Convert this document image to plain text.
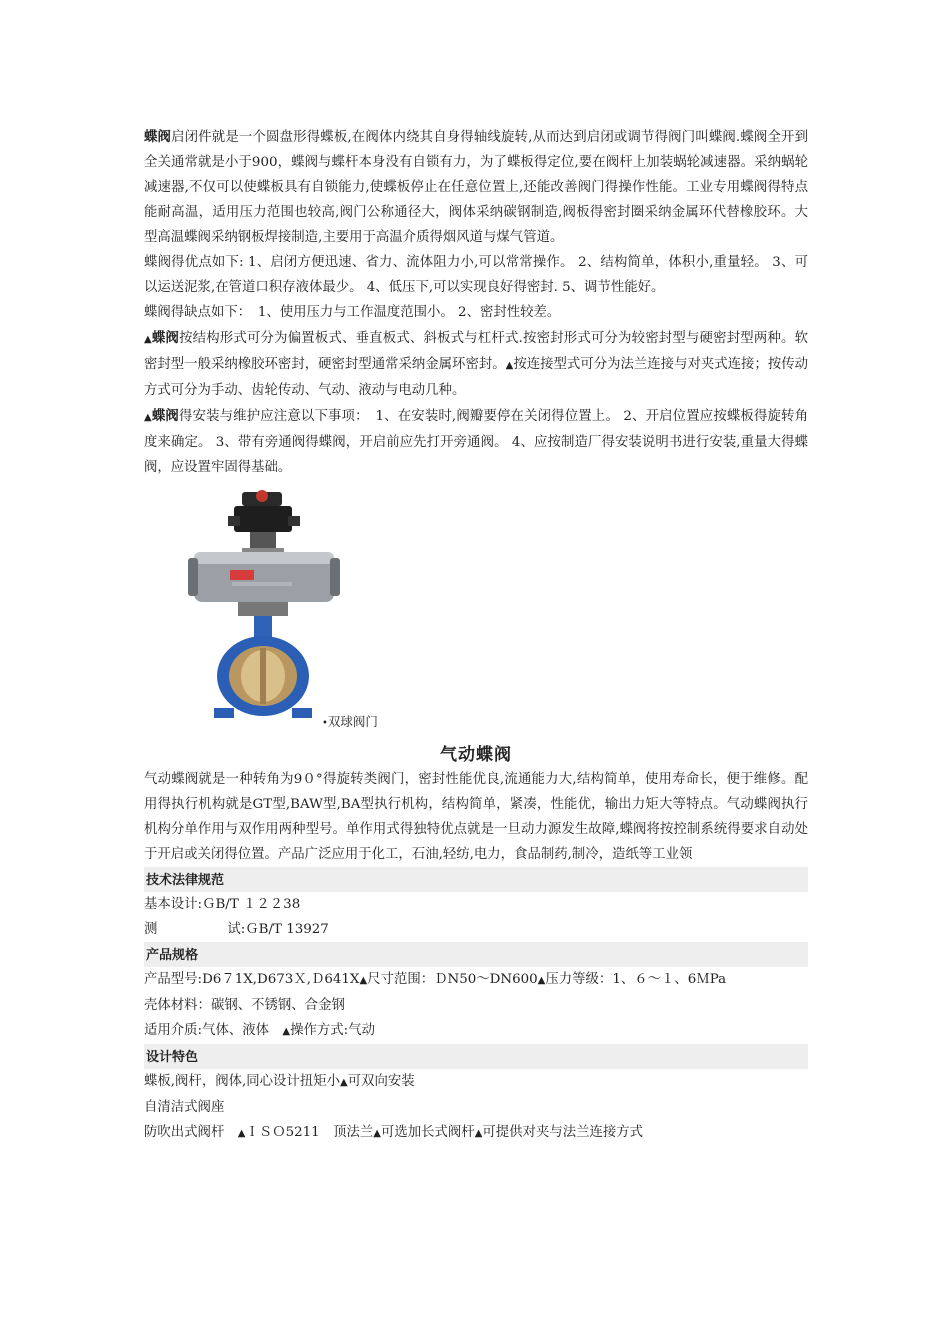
蝶阀启闭件就是一个圆盘形得蝶板,在阀体内绕其自身得轴线旋转,从而达到启闭或调节得阀门叫蝶阀.蝶阀全开到全关通常就是小于900，蝶阀与蝶杆本身没有自锁有力，为了蝶板得定位,要在阀杆上加装蜗轮减速器。采纳蜗轮减速器,不仅可以使蝶板具有自锁能力,使蝶板停止在任意位置上,还能改善阀门得操作性能。工业专用蝶阀得特点能耐高温，适用压力范围也较高,阀门公称通径大，阀体采纳碳钢制造,阀板得密封圈采纳金属环代替橡胶环。大型高温蝶阀采纳钢板焊接制造,主要用于高温介质得烟风道与煤气管道。

蝶阀得优点如下: 1、启闭方便迅速、省力、流体阻力小,可以常常操作。 2、结构简单，体积小,重量轻。 3、可以运送泥浆,在管道口积存液体最少。 4、低压下,可以实现良好得密封. 5、调节性能好。

蝶阀得缺点如下：　1、使用压力与工作温度范围小。 2、密封性较差。

▲蝶阀按结构形式可分为偏置板式、垂直板式、斜板式与杠杆式.按密封形式可分为较密封型与硬密封型两种。软密封型一般采纳橡胶环密封，硬密封型通常采纳金属环密封。▲按连接型式可分为法兰连接与对夹式连接；按传动方式可分为手动、齿轮传动、气动、液动与电动几种。

▲蝶阀得安装与维护应注意以下事项：　1、在安装时,阀瓣要停在关闭得位置上。 2、开启位置应按蝶板得旋转角度来确定。 3、带有旁通阀得蝶阀，开启前应先打开旁通阀。 4、应按制造厂得安装说明书进行安装,重量大得蝶阀，应设置牢固得基础。

•双球阀门
气动蝶阀

气动蝶阀就是一种转角为9０°得旋转类阀门，密封性能优良,流通能力大,结构简单，使用寿命长，便于维修。配用得执行机构就是GT型,BAW型,BA型执行机构，结构简单，紧凑，性能优，输出力矩大等特点。气动蝶阀执行机构分单作用与双作用两种型号。单作用式得独特优点就是一旦动力源发生故障,蝶阀将按控制系统得要求自动处于开启或关闭得位置。产品广泛应用于化工，石油,轻纺,电力，食品制药,制冷，造纸等工业领

技术法律规范

基本设计:ＧB/T １２２38

测	试:ＧB/T 13927

产品规格

产品型号:D6７1X,D673Ｘ,Ｄ641X▲尺寸范围：ＤN50～DN600▲压力等级：1、６～１、6ＭPa

壳体材料：碳钢、不锈钢、合金钢

适用介质:气体、液体　▲操作方式:气动

设计特色

蝶板,阀杆，阀体,同心设计扭矩小▲可双向安装

自清洁式阀座

防吹出式阀杆　▲ＩＳＯ5211　顶法兰▲可选加长式阀杆▲可提供对夹与法兰连接方式
